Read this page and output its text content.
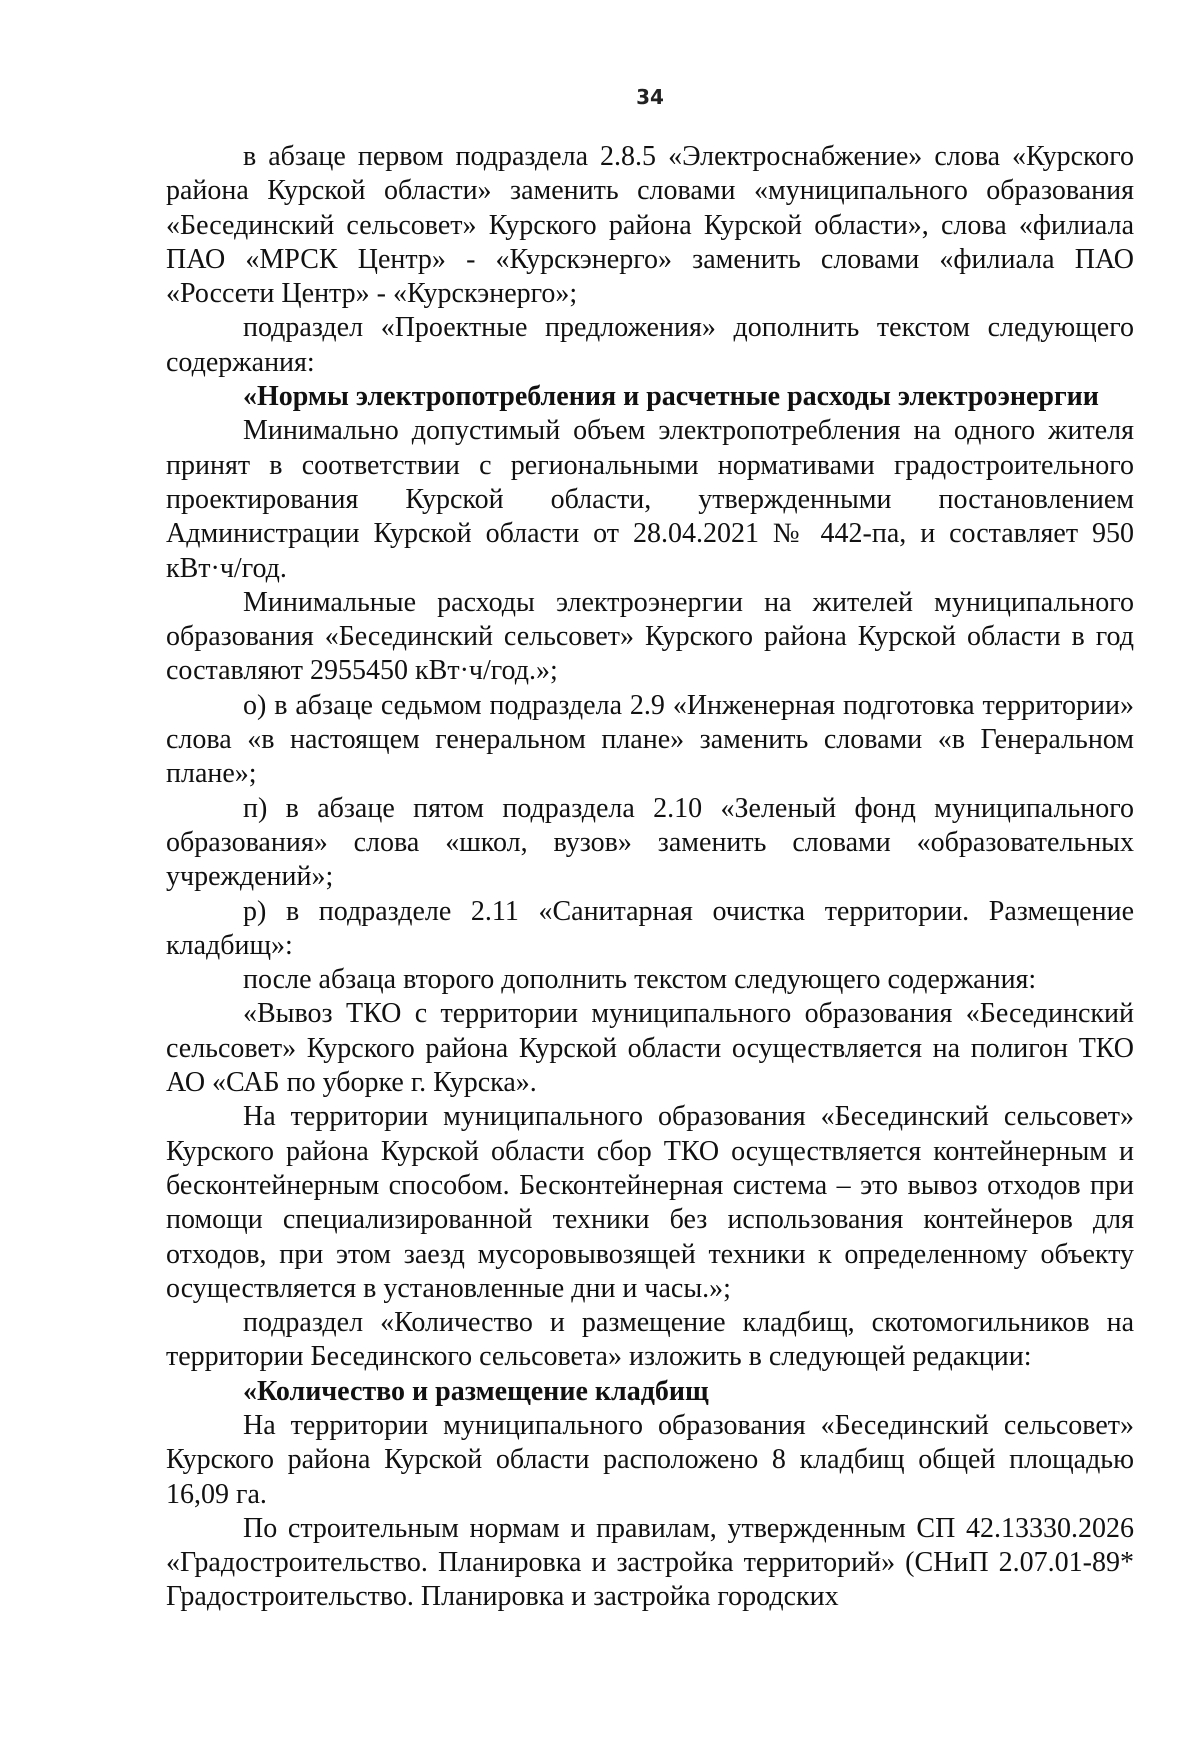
34

в абзаце первом подраздела 2.8.5 «Электроснабжение» слова «Курского района Курской области» заменить словами «муниципального образования «Бесединский сельсовет» Курского района Курской области», слова «филиала ПАО «МРСК Центр» - «Курскэнерго» заменить словами «филиала ПАО «Россети Центр» - «Курскэнерго»;

подраздел «Проектные предложения» дополнить текстом следующего содержания:

«Нормы электропотребления и расчетные расходы электроэнергии

Минимально допустимый объем электропотребления на одного жителя принят в соответствии с региональными нормативами градостроительного проектирования Курской области, утвержденными постановлением Администрации Курской области от 28.04.2021 № 442-па, и составляет 950 кВт·ч/год.

Минимальные расходы электроэнергии на жителей муниципального образования «Бесединский сельсовет» Курского района Курской области в год составляют 2955450 кВт·ч/год.»;

о) в абзаце седьмом подраздела 2.9 «Инженерная подготовка территории» слова «в настоящем генеральном плане» заменить словами «в Генеральном плане»;

п) в абзаце пятом подраздела 2.10 «Зеленый фонд муниципального образования» слова «школ, вузов» заменить словами «образовательных учреждений»;

р) в подразделе 2.11 «Санитарная очистка территории. Размещение кладбищ»:

после абзаца второго дополнить текстом следующего содержания:

«Вывоз ТКО с территории муниципального образования «Бесединский сельсовет» Курского района Курской области осуществляется на полигон ТКО АО «САБ по уборке г. Курска».

На территории муниципального образования «Бесединский сельсовет» Курского района Курской области сбор ТКО осуществляется контейнерным и бесконтейнерным способом. Бесконтейнерная система – это вывоз отходов при помощи специализированной техники без использования контейнеров для отходов, при этом заезд мусоровывозящей техники к определенному объекту осуществляется в установленные дни и часы.»;

подраздел «Количество и размещение кладбищ, скотомогильников на территории Бесединского сельсовета» изложить в следующей редакции:

«Количество и размещение кладбищ

На территории муниципального образования «Бесединский сельсовет» Курского района Курской области расположено 8 кладбищ общей площадью 16,09 га.

По строительным нормам и правилам, утвержденным СП 42.13330.2026 «Градостроительство. Планировка и застройка территорий» (СНиП 2.07.01-89* Градостроительство. Планировка и застройка городских
